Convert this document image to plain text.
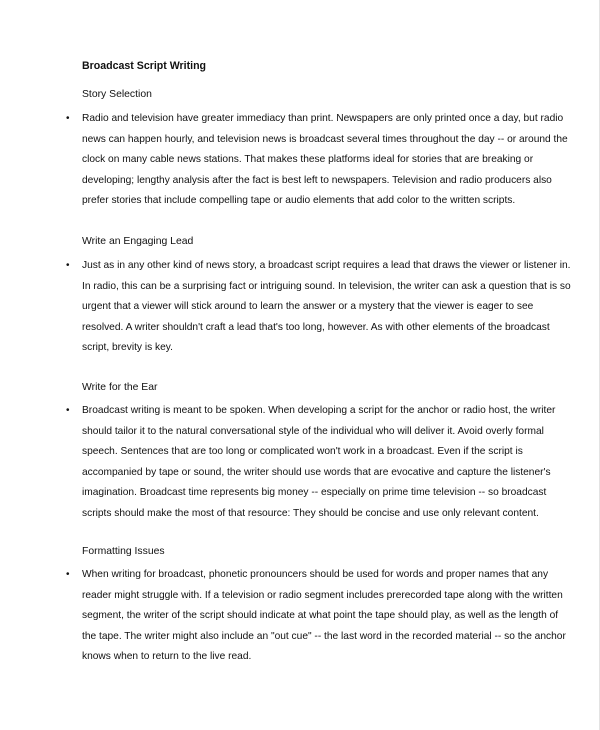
Broadcast Script Writing
Story Selection
• Radio and television have greater immediacy than print. Newspapers are only printed once a day, but radio
news can happen hourly, and television news is broadcast several times throughout the day -- or around the
clock on many cable news stations. That makes these platforms ideal for stories that are breaking or
developing; lengthy analysis after the fact is best left to newspapers. Television and radio producers also
prefer stories that include compelling tape or audio elements that add color to the written scripts.
Write an Engaging Lead
• Just as in any other kind of news story, a broadcast script requires a lead that draws the viewer or listener in.
In radio, this can be a surprising fact or intriguing sound. In television, the writer can ask a question that is so
urgent that a viewer will stick around to learn the answer or a mystery that the viewer is eager to see
resolved. A writer shouldn't craft a lead that's too long, however. As with other elements of the broadcast
script, brevity is key.
Write for the Ear
• Broadcast writing is meant to be spoken. When developing a script for the anchor or radio host, the writer
should tailor it to the natural conversational style of the individual who will deliver it. Avoid overly formal
speech. Sentences that are too long or complicated won't work in a broadcast. Even if the script is
accompanied by tape or sound, the writer should use words that are evocative and capture the listener's
imagination. Broadcast time represents big money -- especially on prime time television -- so broadcast
scripts should make the most of that resource: They should be concise and use only relevant content.
Formatting Issues
• When writing for broadcast, phonetic pronouncers should be used for words and proper names that any
reader might struggle with. If a television or radio segment includes prerecorded tape along with the written
segment, the writer of the script should indicate at what point the tape should play, as well as the length of
the tape. The writer might also include an "out cue" -- the last word in the recorded material -- so the anchor
knows when to return to the live read.
